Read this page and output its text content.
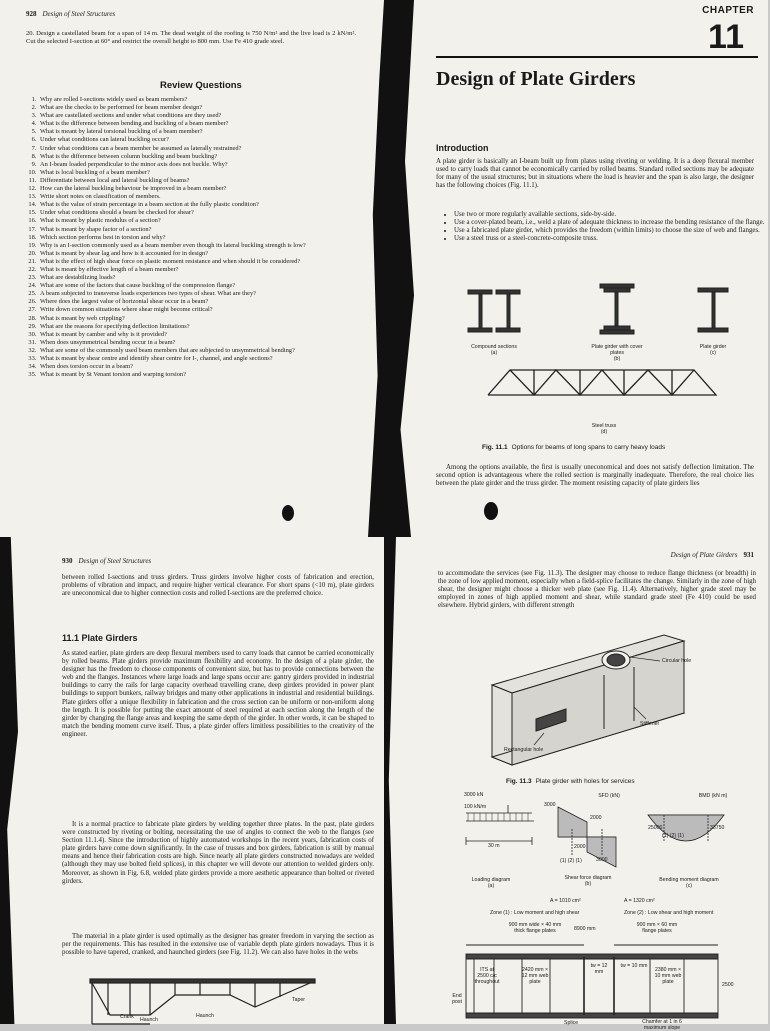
928 Design of Steel Structures
20. Design a castellated beam for a span of 14 m. The dead weight of the roofing is 750 N/m² and the live load is 2 kN/m². Cut the selected I-section at 60° and restrict the overall height to 800 mm. Use Fe 410 grade steel.
Review Questions
1. Why are rolled I-sections widely used as beam members?
2. What are the checks to be performed for beam member design?
3. What are castellated sections and under what conditions are they used?
4. What is the difference between bending and buckling of a beam member?
5. What is meant by lateral torsional buckling of a beam member?
6. Under what conditions can lateral buckling occur?
7. Under what conditions can a beam member be assumed as laterally restrained?
8. What is the difference between column buckling and beam buckling?
9. An I-beam loaded perpendicular to the minor axis does not buckle. Why?
10. What is local buckling of a beam member?
11. Differentiate between local and lateral buckling of beams?
12. How can the lateral buckling behaviour be improved in a beam member?
13. Write short notes on classification of members.
14. What is the value of strain percentage in a beam section at the fully plastic condition?
15. Under what conditions should a beam be checked for shear?
16. What is meant by plastic modulus of a section?
17. What is meant by shape factor of a section?
18. Which section performs best in torsion and why?
19. Why is an I-section commonly used as a beam member even though its lateral buckling strength is low?
20. What is meant by shear lag and how is it accounted for in design?
21. What is the effect of high shear force on plastic moment resistance and when should it be considered?
22. What is meant by effective length of a beam member?
23. What are destabilizing loads?
24. What are some of the factors that cause buckling of the compression flange?
25. A beam subjected to transverse loads experiences two types of shear. What are they?
26. Where does the largest value of horizontal shear occur in a beam?
27. Write down common situations where shear might become critical?
28. What is meant by web crippling?
29. What are the reasons for specifying deflection limitations?
30. What is meant by camber and why is it provided?
31. When does unsymmetrical bending occur in a beam?
32. What are some of the commonly used beam members that are subjected to unsymmetrical bending?
33. What is meant by shear centre and identify shear centre for I-, channel, and angle sections?
34. When does torsion occur in a beam?
35. What is meant by St Venant torsion and warping torsion?
CHAPTER
11
Design of Plate Girders
Introduction
A plate girder is basically an I-beam built up from plates using riveting or welding. It is a deep flexural member used to carry loads that cannot be economically carried by rolled beams. Standard rolled sections may be adequate for many of the usual structures; but in situations where the load is heavier and the span is also large, the designer has the following choices (Fig. 11.1).
• Use two or more regularly available sections, side-by-side.
• Use a cover-plated beam, i.e., weld a plate of adequate thickness to increase the bending resistance of the flange.
• Use a fabricated plate girder, which provides the freedom (within limits) to choose the size of web and flanges.
• Use a steel truss or a steel-concrete-composite truss.
Compound sections
(a)
Plate girder with cover plates
(b)
Plate girder
(c)
Steel truss
(d)
Fig. 11.1 Options for beams of long spans to carry heavy loads
Among the options available, the first is usually uneconomical and does not satisfy deflection limitation. The second option is advantageous where the rolled section is marginally inadequate. Therefore, the real choice lies between the plate girder and the truss girder. The moment resisting capacity of plate girders lies
930 Design of Steel Structures
between rolled I-sections and truss girders. Truss girders involve higher costs of fabrication and erection, problems of vibration and impact, and require higher vertical clearance. For short spans (<10 m), plate girders are uneconomical due to higher connection costs and rolled I-sections are the preferred choice.
11.1 Plate Girders
As stated earlier, plate girders are deep flexural members used to carry loads that cannot be carried economically by rolled beams. Plate girders provide maximum flexibility and economy. In the design of a plate girder, the designer has the freedom to choose components of convenient size, but has to provide connections between the web and the flanges. Instances where large loads and large spans occur are: gantry girders provided in industrial buildings to carry the rails for large capacity overhead travelling crane, deep girders provided in power plant buildings to support bunkers, railway bridges and many other applications in industrial and residential buildings. Plate girders offer a unique flexibility in fabrication and the cross section can be uniform or non-uniform along the length. It is possible for putting the exact amount of steel required at each section along the length of the girder by changing the flange areas and keeping the same depth of the girder. In other words, it can be shaped to match the bending moment curve itself. Thus, a plate girder offers limitless possibilities to the creativity of the engineer.
It is a normal practice to fabricate plate girders by welding together three plates. In the past, plate girders were constructed by riveting or bolting, necessitating the use of angles to connect the web to the flanges (see Section 11.1.4). Since the introduction of highly automated workshops in the recent years, fabrication costs of plate girders have come down significantly. In the case of trusses and box girders, fabrication is still by manual means and hence their fabrication costs are high. Since nearly all plate girders constructed nowadays are welded (although they may use bolted field splices), in this chapter we will devote our attention to welded girders only. Moreover, as shown in Fig. 6.8, welded plate girders provide a more aesthetic appearance than bolted or riveted girders.
The material in a plate girder is used optimally as the designer has greater freedom in varying the section as per the requirements. This has resulted in the extensive use of variable depth plate girders nowadays. Thus it is possible to have tapered, cranked, and haunched girders (see Fig. 11.2). We can also have holes in the webs
Taper
Crank Haunch
Haunch
Design of Plate Girders 931
to accommodate the services (see Fig. 11.3). The designer may choose to reduce flange thickness (or breadth) in the zone of low applied moment, especially when a field-splice facilitates the change. Similarly in the zone of high shear, the designer might choose a thicker web plate (see Fig. 11.4). Alternatively, higher grade steel may be employed in zones of high applied moment and shear, while standard grade steel (Fe 410) could be used elsewhere. Hybrid girders, with different strength
Circular hole
Stiffener
Rectangular hole
Fig. 11.3 Plate girder with holes for services
3000 kN
100 kN/m
30 m
SFD (kN)	BMD (kN m)
3000
2000
2000
3000
(1) (2) (1)
25000	33750
(1) (2) (1)
Loading diagram
(a)
Shear force diagram
(b)
Bending moment diagram
(c)
A = 1010 cm²	A = 1320 cm²
Zone (1) : Low moment and high shear	Zone (2) : Low shear and high moment
900 mm wide × 40 mm thick flange plates	8900 mm
900 mm × 60 mm flange plates
ITS at 2500 c/c throughout
2420 mm × 12 mm web plate
tw = 12 mm
tw = 10 mm
2380 mm × 10 mm web plate	2500
End post
Splice	Chamfer at 1 in 6 maximum slope
